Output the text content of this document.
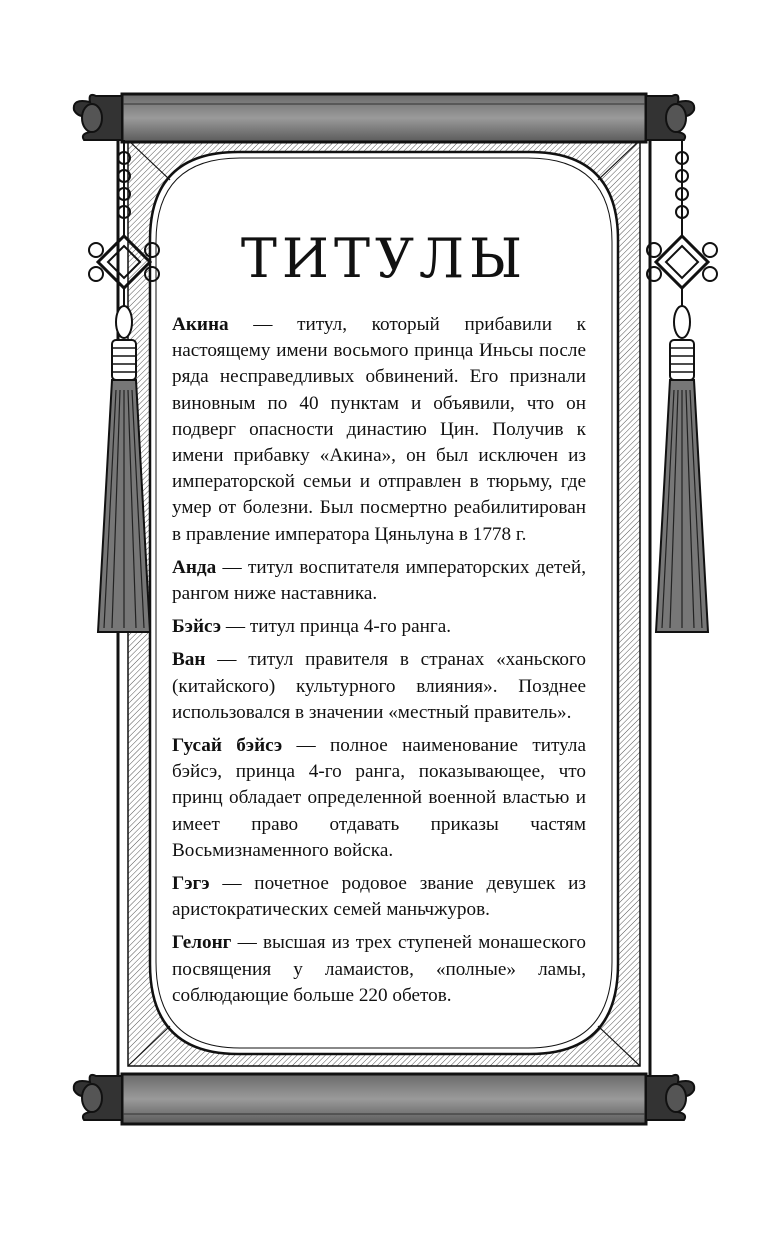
ТИТУЛЫ

Акина — титул, который прибавили к настоящему имени восьмого принца Иньсы после ряда несправедливых обвинений. Его признали виновным по 40 пунктам и объявили, что он подверг опасности династию Цин. Получив к имени прибавку «Акина», он был исключен из императорской семьи и отправлен в тюрьму, где умер от болезни. Был посмертно реабилитирован в правление императора Цяньлуна в 1778 г.

Анда — титул воспитателя императорских детей, рангом ниже наставника.

Бэйсэ — титул принца 4-го ранга.

Ван — титул правителя в странах «ханьского (китайского) культурного влияния». Позднее использовался в значении «местный правитель».

Гусай бэйсэ — полное наименование титула бэйсэ, принца 4-го ранга, показывающее, что принц обладает определенной военной властью и имеет право отдавать приказы частям Восьмизнаменного войска.

Гэгэ — почетное родовое звание девушек из аристократических семей маньчжуров.

Гелонг — высшая из трех ступеней монашеского посвящения у ламаистов, «полные» ламы, соблюдающие больше 220 обетов.
